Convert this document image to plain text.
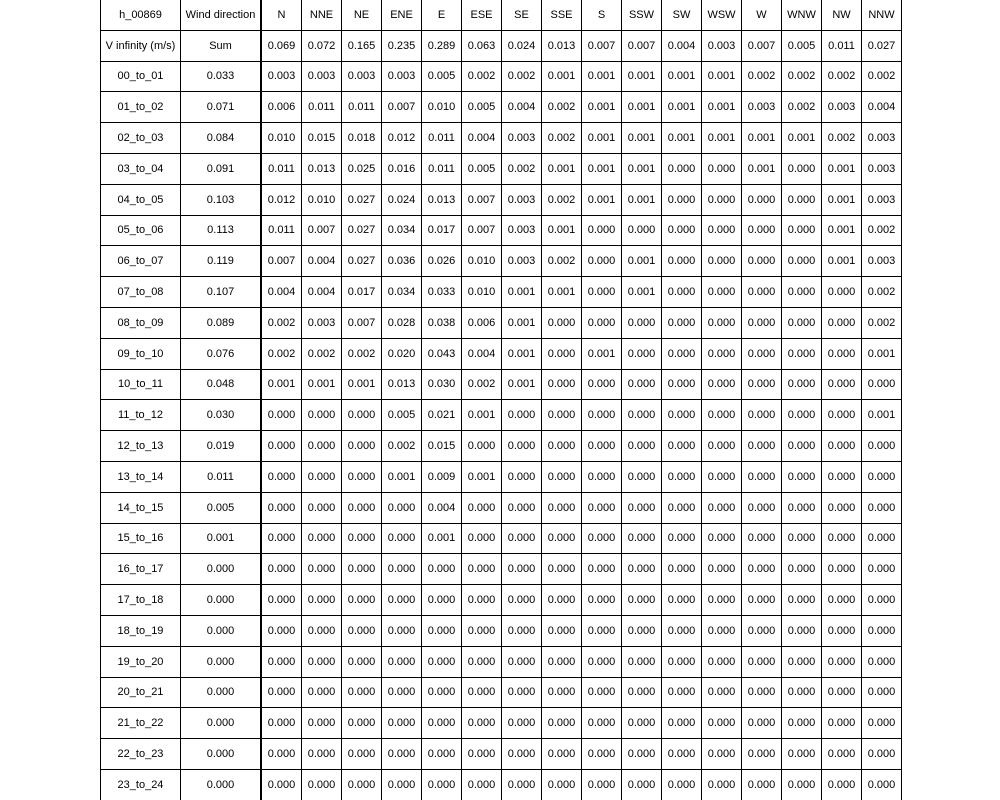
h_00869	Wind direction	N	NNE	NE	ENE	E	ESE	SE	SSE	S	SSW	SW	WSW	W	WNW	NW	NNW
V infinity (m/s)	Sum	0.069	0.072	0.165	0.235	0.289	0.063	0.024	0.013	0.007	0.007	0.004	0.003	0.007	0.005	0.011	0.027
00_to_01	0.033	0.003	0.003	0.003	0.003	0.005	0.002	0.002	0.001	0.001	0.001	0.001	0.001	0.002	0.002	0.002	0.002
01_to_02	0.071	0.006	0.011	0.011	0.007	0.010	0.005	0.004	0.002	0.001	0.001	0.001	0.001	0.003	0.002	0.003	0.004
02_to_03	0.084	0.010	0.015	0.018	0.012	0.011	0.004	0.003	0.002	0.001	0.001	0.001	0.001	0.001	0.001	0.002	0.003
03_to_04	0.091	0.011	0.013	0.025	0.016	0.011	0.005	0.002	0.001	0.001	0.001	0.000	0.000	0.001	0.000	0.001	0.003
04_to_05	0.103	0.012	0.010	0.027	0.024	0.013	0.007	0.003	0.002	0.001	0.001	0.000	0.000	0.000	0.000	0.001	0.003
05_to_06	0.113	0.011	0.007	0.027	0.034	0.017	0.007	0.003	0.001	0.000	0.000	0.000	0.000	0.000	0.000	0.001	0.002
06_to_07	0.119	0.007	0.004	0.027	0.036	0.026	0.010	0.003	0.002	0.000	0.001	0.000	0.000	0.000	0.000	0.001	0.003
07_to_08	0.107	0.004	0.004	0.017	0.034	0.033	0.010	0.001	0.001	0.000	0.001	0.000	0.000	0.000	0.000	0.000	0.002
08_to_09	0.089	0.002	0.003	0.007	0.028	0.038	0.006	0.001	0.000	0.000	0.000	0.000	0.000	0.000	0.000	0.000	0.002
09_to_10	0.076	0.002	0.002	0.002	0.020	0.043	0.004	0.001	0.000	0.001	0.000	0.000	0.000	0.000	0.000	0.000	0.001
10_to_11	0.048	0.001	0.001	0.001	0.013	0.030	0.002	0.001	0.000	0.000	0.000	0.000	0.000	0.000	0.000	0.000	0.000
11_to_12	0.030	0.000	0.000	0.000	0.005	0.021	0.001	0.000	0.000	0.000	0.000	0.000	0.000	0.000	0.000	0.000	0.001
12_to_13	0.019	0.000	0.000	0.000	0.002	0.015	0.000	0.000	0.000	0.000	0.000	0.000	0.000	0.000	0.000	0.000	0.000
13_to_14	0.011	0.000	0.000	0.000	0.001	0.009	0.001	0.000	0.000	0.000	0.000	0.000	0.000	0.000	0.000	0.000	0.000
14_to_15	0.005	0.000	0.000	0.000	0.000	0.004	0.000	0.000	0.000	0.000	0.000	0.000	0.000	0.000	0.000	0.000	0.000
15_to_16	0.001	0.000	0.000	0.000	0.000	0.001	0.000	0.000	0.000	0.000	0.000	0.000	0.000	0.000	0.000	0.000	0.000
16_to_17	0.000	0.000	0.000	0.000	0.000	0.000	0.000	0.000	0.000	0.000	0.000	0.000	0.000	0.000	0.000	0.000	0.000
17_to_18	0.000	0.000	0.000	0.000	0.000	0.000	0.000	0.000	0.000	0.000	0.000	0.000	0.000	0.000	0.000	0.000	0.000
18_to_19	0.000	0.000	0.000	0.000	0.000	0.000	0.000	0.000	0.000	0.000	0.000	0.000	0.000	0.000	0.000	0.000	0.000
19_to_20	0.000	0.000	0.000	0.000	0.000	0.000	0.000	0.000	0.000	0.000	0.000	0.000	0.000	0.000	0.000	0.000	0.000
20_to_21	0.000	0.000	0.000	0.000	0.000	0.000	0.000	0.000	0.000	0.000	0.000	0.000	0.000	0.000	0.000	0.000	0.000
21_to_22	0.000	0.000	0.000	0.000	0.000	0.000	0.000	0.000	0.000	0.000	0.000	0.000	0.000	0.000	0.000	0.000	0.000
22_to_23	0.000	0.000	0.000	0.000	0.000	0.000	0.000	0.000	0.000	0.000	0.000	0.000	0.000	0.000	0.000	0.000	0.000
23_to_24	0.000	0.000	0.000	0.000	0.000	0.000	0.000	0.000	0.000	0.000	0.000	0.000	0.000	0.000	0.000	0.000	0.000
